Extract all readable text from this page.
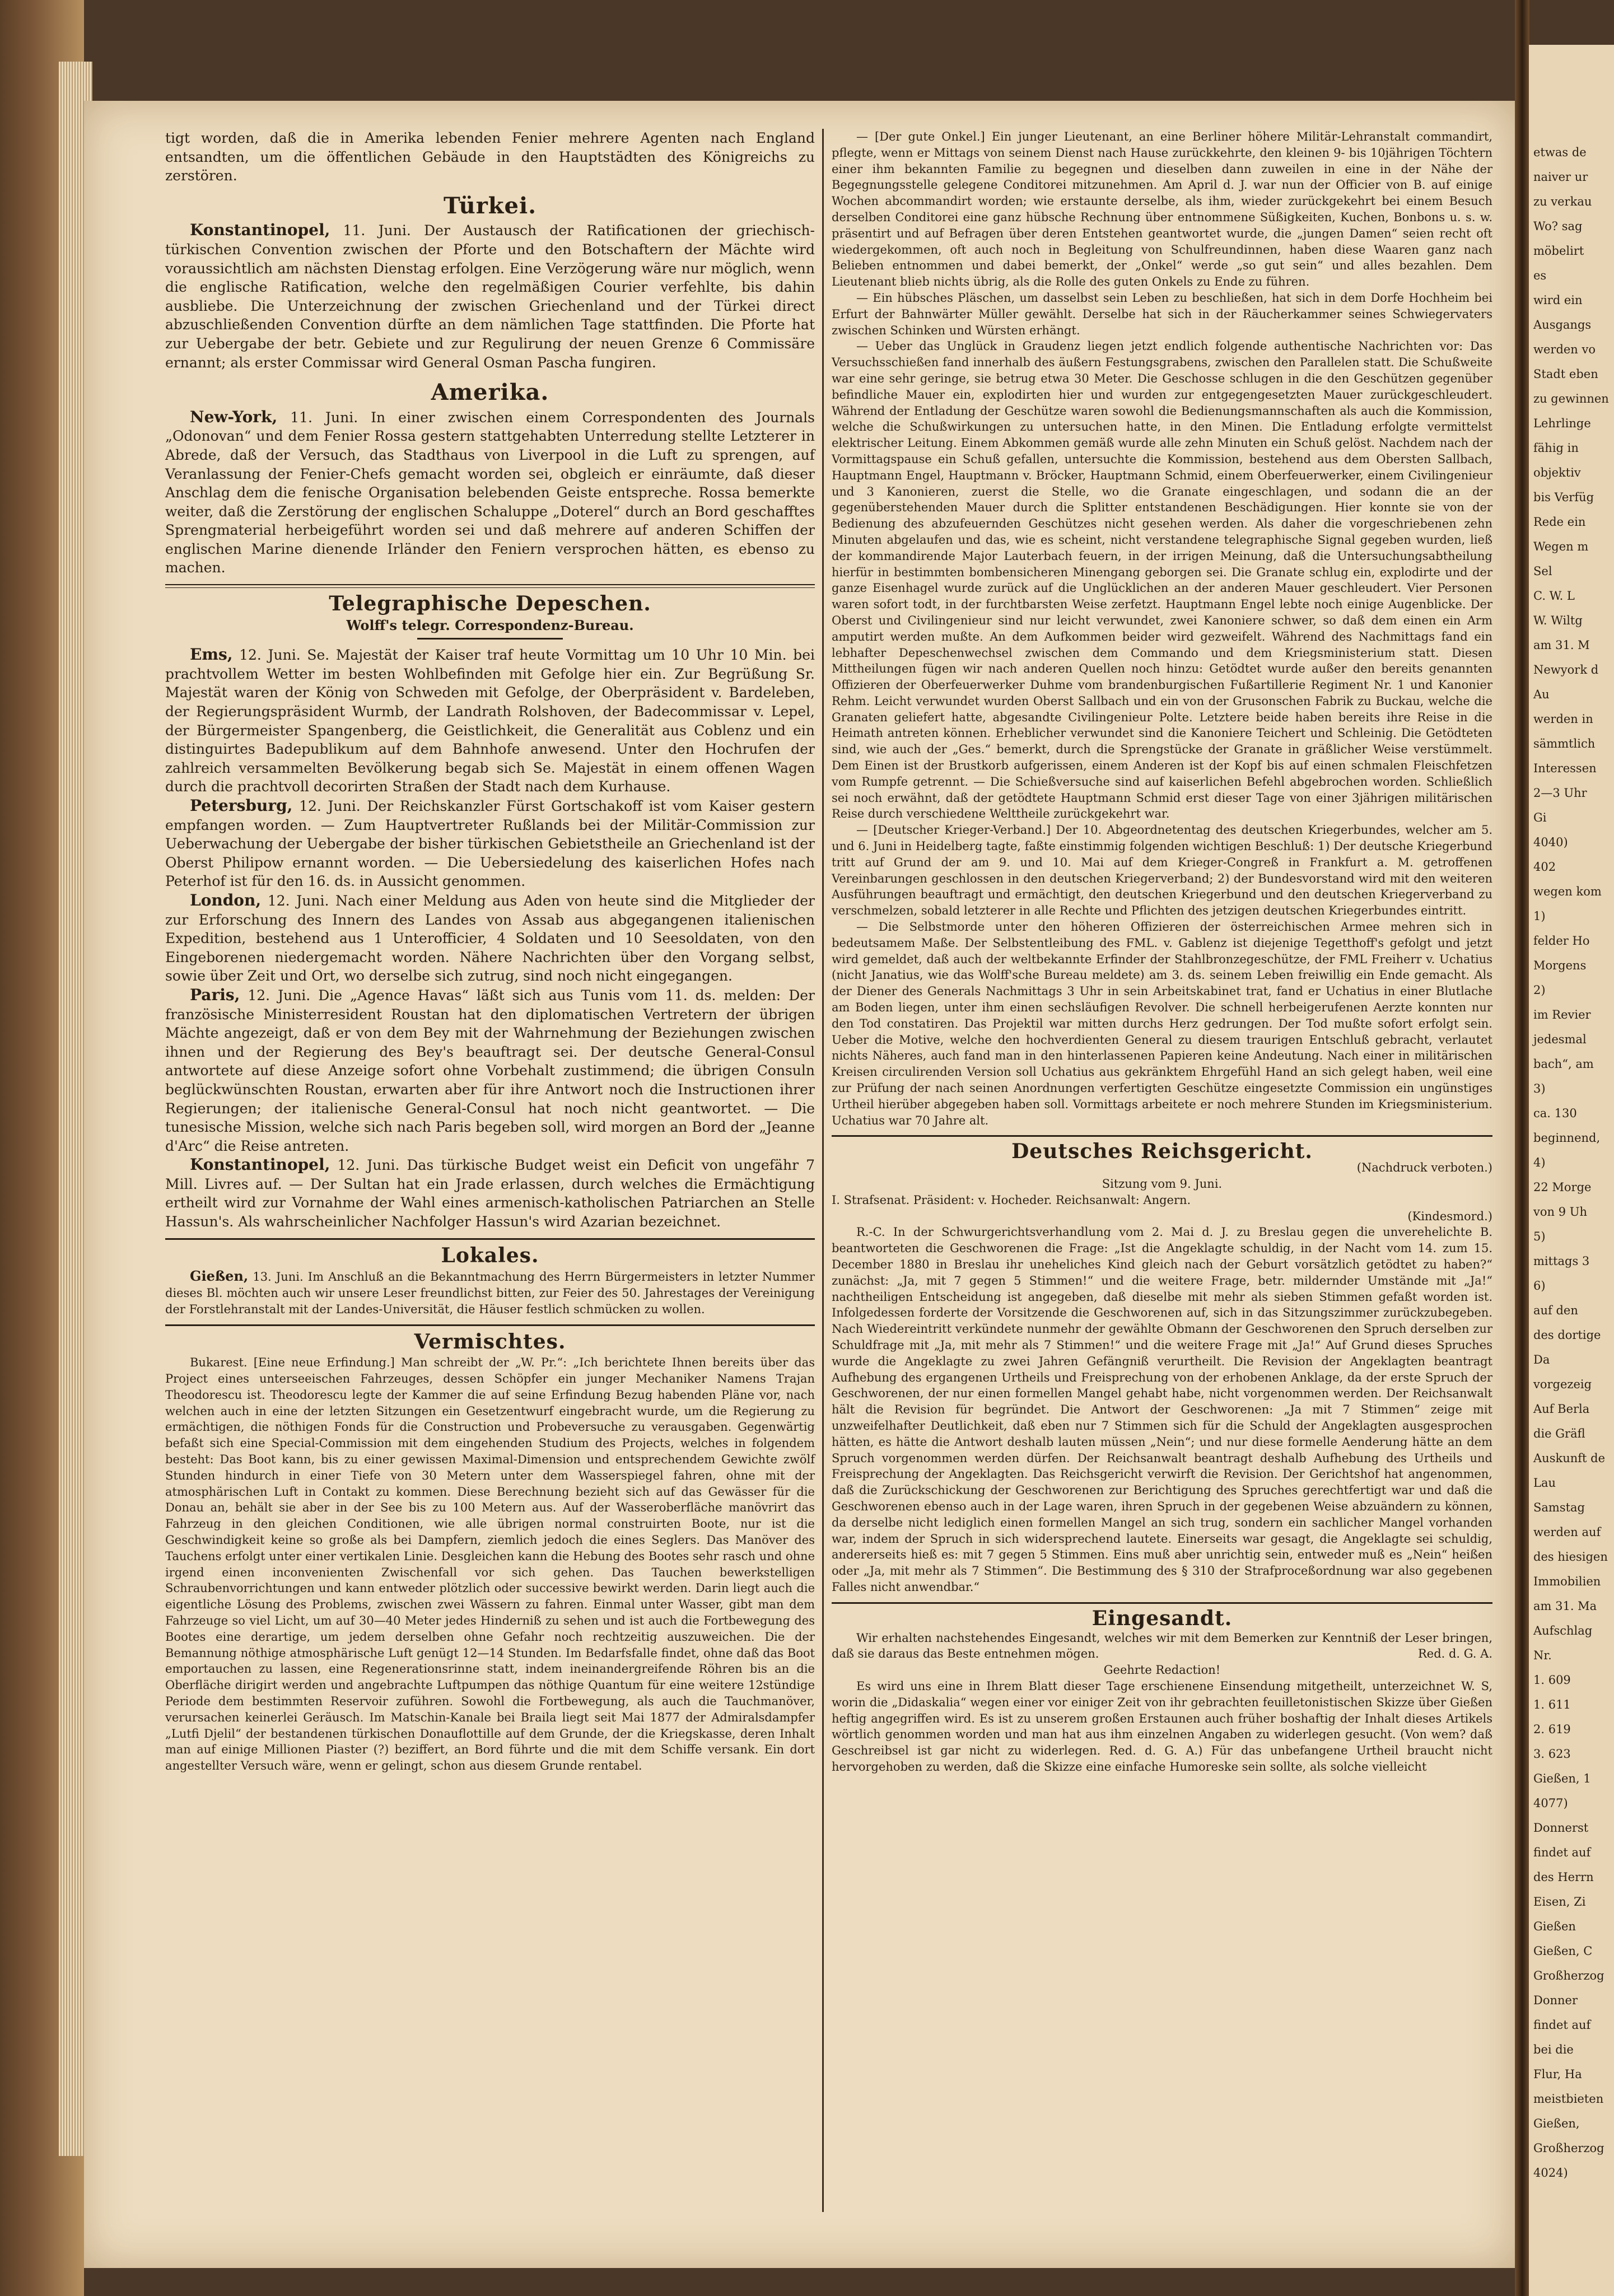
tigt worden, daß die in Amerika lebenden Fenier mehrere Agenten nach England entsandten, um die öffentlichen Gebäude in den Hauptstädten des Königreichs zu zerstören.

Türkei.

Konstantinopel, 11. Juni. Der Austausch der Ratificationen der griechisch-türkischen Convention zwischen der Pforte und den Botschaftern der Mächte wird voraussichtlich am nächsten Dienstag erfolgen. Eine Verzögerung wäre nur möglich, wenn die englische Ratification, welche den regelmäßigen Courier verfehlte, bis dahin ausbliebe. Die Unterzeichnung der zwischen Griechenland und der Türkei direct abzuschließenden Convention dürfte an dem nämlichen Tage stattfinden. Die Pforte hat zur Uebergabe der betr. Gebiete und zur Regulirung der neuen Grenze 6 Commissäre ernannt; als erster Commissar wird General Osman Pascha fungiren.

Amerika.

New-York, 11. Juni. In einer zwischen einem Correspondenten des Journals „Odonovan“ und dem Fenier Rossa gestern stattgehabten Unterredung stellte Letzterer in Abrede, daß der Versuch, das Stadthaus von Liverpool in die Luft zu sprengen, auf Veranlassung der Fenier-Chefs gemacht worden sei, obgleich er einräumte, daß dieser Anschlag dem die fenische Organisation belebenden Geiste entspreche. Rossa bemerkte weiter, daß die Zerstörung der englischen Schaluppe „Doterel“ durch an Bord geschafftes Sprengmaterial herbeigeführt worden sei und daß mehrere auf anderen Schiffen der englischen Marine dienende Irländer den Feniern versprochen hätten, es ebenso zu machen.

Telegraphische Depeschen.
Wolff's telegr. Correspondenz-Bureau.

Ems, 12. Juni. Se. Majestät der Kaiser traf heute Vormittag um 10 Uhr 10 Min. bei prachtvollem Wetter im besten Wohlbefinden mit Gefolge hier ein. Zur Begrüßung Sr. Majestät waren der König von Schweden mit Gefolge, der Oberpräsident v. Bardeleben, der Regierungspräsident Wurmb, der Landrath Rolshoven, der Badecommissar v. Lepel, der Bürgermeister Spangenberg, die Geistlichkeit, die Generalität aus Coblenz und ein distinguirtes Badepublikum auf dem Bahnhofe anwesend. Unter den Hochrufen der zahlreich versammelten Bevölkerung begab sich Se. Majestät in einem offenen Wagen durch die prachtvoll decorirten Straßen der Stadt nach dem Kurhause.

Petersburg, 12. Juni. Der Reichskanzler Fürst Gortschakoff ist vom Kaiser gestern empfangen worden. — Zum Hauptvertreter Rußlands bei der Militär-Commission zur Ueberwachung der Uebergabe der bisher türkischen Gebietstheile an Griechenland ist der Oberst Philipow ernannt worden. — Die Uebersiedelung des kaiserlichen Hofes nach Peterhof ist für den 16. ds. in Aussicht genommen.

London, 12. Juni. Nach einer Meldung aus Aden von heute sind die Mitglieder der zur Erforschung des Innern des Landes von Assab aus abgegangenen italienischen Expedition, bestehend aus 1 Unterofficier, 4 Soldaten und 10 Seesoldaten, von den Eingeborenen niedergemacht worden. Nähere Nachrichten über den Vorgang selbst, sowie über Zeit und Ort, wo derselbe sich zutrug, sind noch nicht eingegangen.

Paris, 12. Juni. Die „Agence Havas“ läßt sich aus Tunis vom 11. ds. melden: Der französische Ministerresident Roustan hat den diplomatischen Vertretern der übrigen Mächte angezeigt, daß er von dem Bey mit der Wahrnehmung der Beziehungen zwischen ihnen und der Regierung des Bey's beauftragt sei. Der deutsche General-Consul antwortete auf diese Anzeige sofort ohne Vorbehalt zustimmend; die übrigen Consuln beglückwünschten Roustan, erwarten aber für ihre Antwort noch die Instructionen ihrer Regierungen; der italienische General-Consul hat noch nicht geantwortet. — Die tunesische Mission, welche sich nach Paris begeben soll, wird morgen an Bord der „Jeanne d'Arc“ die Reise antreten.

Konstantinopel, 12. Juni. Das türkische Budget weist ein Deficit von ungefähr 7 Mill. Livres auf. — Der Sultan hat ein Jrade erlassen, durch welches die Ermächtigung ertheilt wird zur Vornahme der Wahl eines armenisch-katholischen Patriarchen an Stelle Hassun's. Als wahrscheinlicher Nachfolger Hassun's wird Azarian bezeichnet.

Lokales.

Gießen, 13. Juni. Im Anschluß an die Bekanntmachung des Herrn Bürgermeisters in letzter Nummer dieses Bl. möchten auch wir unsere Leser freundlichst bitten, zur Feier des 50. Jahrestages der Vereinigung der Forstlehranstalt mit der Landes-Universität, die Häuser festlich schmücken zu wollen.

Vermischtes.

Bukarest. [Eine neue Erfindung.] Man schreibt der „W. Pr.“: „Ich berichtete Ihnen bereits über das Project eines unterseeischen Fahrzeuges, dessen Schöpfer ein junger Mechaniker Namens Trajan Theodorescu ist. Theodorescu legte der Kammer die auf seine Erfindung Bezug habenden Pläne vor, nach welchen auch in eine der letzten Sitzungen ein Gesetzentwurf eingebracht wurde, um die Regierung zu ermächtigen, die nöthigen Fonds für die Construction und Probeversuche zu verausgaben. Gegenwärtig befaßt sich eine Special-Commission mit dem eingehenden Studium des Projects, welches in folgendem besteht: Das Boot kann, bis zu einer gewissen Maximal-Dimension und entsprechendem Gewichte zwölf Stunden hindurch in einer Tiefe von 30 Metern unter dem Wasserspiegel fahren, ohne mit der atmosphärischen Luft in Contakt zu kommen. Diese Berechnung bezieht sich auf das Gewässer für die Donau an, behält sie aber in der See bis zu 100 Metern aus. Auf der Wasseroberfläche manövrirt das Fahrzeug in den gleichen Conditionen, wie alle übrigen normal construirten Boote, nur ist die Geschwindigkeit keine so große als bei Dampfern, ziemlich jedoch die eines Seglers. Das Manöver des Tauchens erfolgt unter einer vertikalen Linie. Desgleichen kann die Hebung des Bootes sehr rasch und ohne irgend einen inconvenienten Zwischenfall vor sich gehen. Das Tauchen bewerkstelligen Schraubenvorrichtungen und kann entweder plötzlich oder successive bewirkt werden. Darin liegt auch die eigentliche Lösung des Problems, zwischen zwei Wässern zu fahren. Einmal unter Wasser, gibt man dem Fahrzeuge so viel Licht, um auf 30—40 Meter jedes Hinderniß zu sehen und ist auch die Fortbewegung des Bootes eine derartige, um jedem derselben ohne Gefahr noch rechtzeitig auszuweichen. Die der Bemannung nöthige atmosphärische Luft genügt 12—14 Stunden. Im Bedarfsfalle findet, ohne daß das Boot emportauchen zu lassen, eine Regenerationsrinne statt, indem ineinandergreifende Röhren bis an die Oberfläche dirigirt werden und angebrachte Luftpumpen das nöthige Quantum für eine weitere 12stündige Periode dem bestimmten Reservoir zuführen. Sowohl die Fortbewegung, als auch die Tauchmanöver, verursachen keinerlei Geräusch. Im Matschin-Kanale bei Braila liegt seit Mai 1877 der Admiralsdampfer „Lutfi Djelil“ der bestandenen türkischen Donauflottille auf dem Grunde, der die Kriegskasse, deren Inhalt man auf einige Millionen Piaster (?) beziffert, an Bord führte und die mit dem Schiffe versank. Ein dort angestellter Versuch wäre, wenn er gelingt, schon aus diesem Grunde rentabel.

— [Der gute Onkel.] Ein junger Lieutenant, an eine Berliner höhere Militär-Lehranstalt commandirt, pflegte, wenn er Mittags von seinem Dienst nach Hause zurückkehrte, den kleinen 9- bis 10jährigen Töchtern einer ihm bekannten Familie zu begegnen und dieselben dann zuweilen in eine in der Nähe der Begegnungsstelle gelegene Conditorei mitzunehmen. Am April d. J. war nun der Officier von B. auf einige Wochen abcommandirt worden; wie erstaunte derselbe, als ihm, wieder zurückgekehrt bei einem Besuch derselben Conditorei eine ganz hübsche Rechnung über entnommene Süßigkeiten, Kuchen, Bonbons u. s. w. präsentirt und auf Befragen über deren Entstehen geantwortet wurde, die „jungen Damen“ seien recht oft wiedergekommen, oft auch noch in Begleitung von Schulfreundinnen, haben diese Waaren ganz nach Belieben entnommen und dabei bemerkt, der „Onkel“ werde „so gut sein“ und alles bezahlen. Dem Lieutenant blieb nichts übrig, als die Rolle des guten Onkels zu Ende zu führen.

— Ein hübsches Pläschen, um dasselbst sein Leben zu beschließen, hat sich in dem Dorfe Hochheim bei Erfurt der Bahnwärter Müller gewählt. Derselbe hat sich in der Räucherkammer seines Schwiegervaters zwischen Schinken und Würsten erhängt.

— Ueber das Unglück in Graudenz liegen jetzt endlich folgende authentische Nachrichten vor: Das Versuchsschießen fand innerhalb des äußern Festungsgrabens, zwischen den Parallelen statt. Die Schußweite war eine sehr geringe, sie betrug etwa 30 Meter. Die Geschosse schlugen in die den Geschützen gegenüber befindliche Mauer ein, explodirten hier und wurden zur entgegengesetzten Mauer zurückgeschleudert. Während der Entladung der Geschütze waren sowohl die Bedienungsmannschaften als auch die Kommission, welche die Schußwirkungen zu untersuchen hatte, in den Minen. Die Entladung erfolgte vermittelst elektrischer Leitung. Einem Abkommen gemäß wurde alle zehn Minuten ein Schuß gelöst. Nachdem nach der Vormittagspause ein Schuß gefallen, untersuchte die Kommission, bestehend aus dem Obersten Sallbach, Hauptmann Engel, Hauptmann v. Bröcker, Hauptmann Schmid, einem Oberfeuerwerker, einem Civilingenieur und 3 Kanonieren, zuerst die Stelle, wo die Granate eingeschlagen, und sodann die an der gegenüberstehenden Mauer durch die Splitter entstandenen Beschädigungen. Hier konnte sie von der Bedienung des abzufeuernden Geschützes nicht gesehen werden. Als daher die vorgeschriebenen zehn Minuten abgelaufen und das, wie es scheint, nicht verstandene telegraphische Signal gegeben wurden, ließ der kommandirende Major Lauterbach feuern, in der irrigen Meinung, daß die Untersuchungsabtheilung hierfür in bestimmten bombensicheren Minengang geborgen sei. Die Granate schlug ein, explodirte und der ganze Eisenhagel wurde zurück auf die Unglücklichen an der anderen Mauer geschleudert. Vier Personen waren sofort todt, in der furchtbarsten Weise zerfetzt. Hauptmann Engel lebte noch einige Augenblicke. Der Oberst und Civilingenieur sind nur leicht verwundet, zwei Kanoniere schwer, so daß dem einen ein Arm amputirt werden mußte. An dem Aufkommen beider wird gezweifelt. Während des Nachmittags fand ein lebhafter Depeschenwechsel zwischen dem Commando und dem Kriegsministerium statt. Diesen Mittheilungen fügen wir nach anderen Quellen noch hinzu: Getödtet wurde außer den bereits genannten Offizieren der Oberfeuerwerker Duhme vom brandenburgischen Fußartillerie Regiment Nr. 1 und Kanonier Rehm. Leicht verwundet wurden Oberst Sallbach und ein von der Grusonschen Fabrik zu Buckau, welche die Granaten geliefert hatte, abgesandte Civilingenieur Polte. Letztere beide haben bereits ihre Reise in die Heimath antreten können. Erheblicher verwundet sind die Kanoniere Teichert und Schleinig. Die Getödteten sind, wie auch der „Ges.“ bemerkt, durch die Sprengstücke der Granate in gräßlicher Weise verstümmelt. Dem Einen ist der Brustkorb aufgerissen, einem Anderen ist der Kopf bis auf einen schmalen Fleischfetzen vom Rumpfe getrennt. — Die Schießversuche sind auf kaiserlichen Befehl abgebrochen worden. Schließlich sei noch erwähnt, daß der getödtete Hauptmann Schmid erst dieser Tage von einer 3jährigen militärischen Reise durch verschiedene Welttheile zurückgekehrt war.

— [Deutscher Krieger-Verband.] Der 10. Abgeordnetentag des deutschen Kriegerbundes, welcher am 5. und 6. Juni in Heidelberg tagte, faßte einstimmig folgenden wichtigen Beschluß: 1) Der deutsche Kriegerbund tritt auf Grund der am 9. und 10. Mai auf dem Krieger-Congreß in Frankfurt a. M. getroffenen Vereinbarungen geschlossen in den deutschen Kriegerverband; 2) der Bundesvorstand wird mit den weiteren Ausführungen beauftragt und ermächtigt, den deutschen Kriegerbund und den deutschen Kriegerverband zu verschmelzen, sobald letzterer in alle Rechte und Pflichten des jetzigen deutschen Kriegerbundes eintritt.

— Die Selbstmorde unter den höheren Offizieren der österreichischen Armee mehren sich in bedeutsamem Maße. Der Selbstentleibung des FML. v. Gablenz ist diejenige Tegetthoff's gefolgt und jetzt wird gemeldet, daß auch der weltbekannte Erfinder der Stahlbronzegeschütze, der FML Freiherr v. Uchatius (nicht Janatius, wie das Wolff'sche Bureau meldete) am 3. ds. seinem Leben freiwillig ein Ende gemacht. Als der Diener des Generals Nachmittags 3 Uhr in sein Arbeitskabinet trat, fand er Uchatius in einer Blutlache am Boden liegen, unter ihm einen sechsläufigen Revolver. Die schnell herbeigerufenen Aerzte konnten nur den Tod constatiren. Das Projektil war mitten durchs Herz gedrungen. Der Tod mußte sofort erfolgt sein. Ueber die Motive, welche den hochverdienten General zu diesem traurigen Entschluß gebracht, verlautet nichts Näheres, auch fand man in den hinterlassenen Papieren keine Andeutung. Nach einer in militärischen Kreisen circulirenden Version soll Uchatius aus gekränktem Ehrgefühl Hand an sich gelegt haben, weil eine zur Prüfung der nach seinen Anordnungen verfertigten Geschütze eingesetzte Commission ein ungünstiges Urtheil hierüber abgegeben haben soll. Vormittags arbeitete er noch mehrere Stunden im Kriegsministerium. Uchatius war 70 Jahre alt.

Deutsches Reichsgericht.

(Nachdruck verboten.)

Sitzung vom 9. Juni.

I. Strafsenat. Präsident: v. Hocheder. Reichsanwalt: Angern.

(Kindesmord.)

R.-C. In der Schwurgerichtsverhandlung vom 2. Mai d. J. zu Breslau gegen die unverehelichte B. beantworteten die Geschworenen die Frage: „Ist die Angeklagte schuldig, in der Nacht vom 14. zum 15. December 1880 in Breslau ihr uneheliches Kind gleich nach der Geburt vorsätzlich getödtet zu haben?“ zunächst: „Ja, mit 7 gegen 5 Stimmen!“ und die weitere Frage, betr. mildernder Umstände mit „Ja!“ nachtheiligen Entscheidung ist angegeben, daß dieselbe mit mehr als sieben Stimmen gefaßt worden ist. Infolgedessen forderte der Vorsitzende die Geschworenen auf, sich in das Sitzungszimmer zurückzubegeben. Nach Wiedereintritt verkündete nunmehr der gewählte Obmann der Geschworenen den Spruch derselben zur Schuldfrage mit „Ja, mit mehr als 7 Stimmen!“ und die weitere Frage mit „Ja!“ Auf Grund dieses Spruches wurde die Angeklagte zu zwei Jahren Gefängniß verurtheilt. Die Revision der Angeklagten beantragt Aufhebung des ergangenen Urtheils und Freisprechung von der erhobenen Anklage, da der erste Spruch der Geschworenen, der nur einen formellen Mangel gehabt habe, nicht vorgenommen werden. Der Reichsanwalt hält die Revision für begründet. Die Antwort der Geschworenen: „Ja mit 7 Stimmen“ zeige mit unzweifelhafter Deutlichkeit, daß eben nur 7 Stimmen sich für die Schuld der Angeklagten ausgesprochen hätten, es hätte die Antwort deshalb lauten müssen „Nein“; und nur diese formelle Aenderung hätte an dem Spruch vorgenommen werden dürfen. Der Reichsanwalt beantragt deshalb Aufhebung des Urtheils und Freisprechung der Angeklagten. Das Reichsgericht verwirft die Revision. Der Gerichtshof hat angenommen, daß die Zurückschickung der Geschworenen zur Berichtigung des Spruches gerechtfertigt war und daß die Geschworenen ebenso auch in der Lage waren, ihren Spruch in der gegebenen Weise abzuändern zu können, da derselbe nicht lediglich einen formellen Mangel an sich trug, sondern ein sachlicher Mangel vorhanden war, indem der Spruch in sich widersprechend lautete. Einerseits war gesagt, die Angeklagte sei schuldig, andererseits hieß es: mit 7 gegen 5 Stimmen. Eins muß aber unrichtig sein, entweder muß es „Nein“ heißen oder „Ja, mit mehr als 7 Stimmen“. Die Bestimmung des § 310 der Strafproceßordnung war also gegebenen Falles nicht anwendbar.“

Eingesandt.

Wir erhalten nachstehendes Eingesandt, welches wir mit dem Bemerken zur Kenntniß der Leser bringen, daß sie daraus das Beste entnehmen mögen.	Red. d. G. A.

Geehrte Redaction!

Es wird uns eine in Ihrem Blatt dieser Tage erschienene Einsendung mitgetheilt, unterzeichnet W. S, worin die „Didaskalia“ wegen einer vor einiger Zeit von ihr gebrachten feuilletonistischen Skizze über Gießen heftig angegriffen wird. Es ist zu unserem großen Erstaunen auch früher boshaftig der Inhalt dieses Artikels wörtlich genommen worden und man hat aus ihm einzelnen Angaben zu widerlegen gesucht. (Von wem? daß Geschreibsel ist gar nicht zu widerlegen. Red. d. G. A.) Für das unbefangene Urtheil braucht nicht hervorgehoben zu werden, daß die Skizze eine einfache Humoreske sein sollte, als solche vielleicht

etwas de
naiver ur
zu verkau
Wo? sag
möbelirt
es
wird ein
Ausgangs
werden vo
Stadt eben
zu gewinnen
Lehrlinge
fähig in
objektiv
bis Verfüg
Rede ein
Wegen m
Sel
C. W. L
W. Wiltg
am 31. M
Newyork d
Au
werden in
sämmtlich
Interessen
2—3 Uhr
Gi
4040)
402
wegen kom
1)
felder Ho
Morgens
2)
im Revier
jedesmal
bach“, am
3)
ca. 130
beginnend,
4)
22 Morge
von 9 Uh
5)
mittags 3
6)
auf den
des dortige
Da
vorgezeig
Auf Berla
die Gräfl
Auskunft de
Lau
Samstag
werden auf
des hiesigen
Immobilien
am 31. Ma
Aufschlag
Nr.
1. 609
1. 611
2. 619
3. 623
Gießen, 1
4077)
Donnerst
findet auf
des Herrn
Eisen, Zi
Gießen
Gießen, C
Großherzog
Donner
findet auf
bei die
Flur, Ha
meistbieten
Gießen,
Großherzog
4024)
